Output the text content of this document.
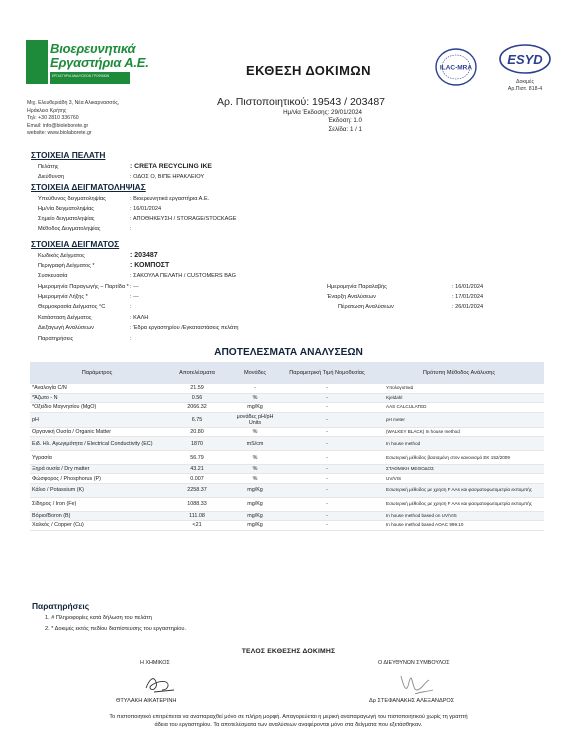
Βιοερευνητικά
Εργαστήρια Α.Ε.
ΕΡΓΑΣΤΗΡΙΑ ΑΝΑΛΥΣΕΩΝ ΤΡΟΦΙΜΩΝ
Μιχ. Ελευθεριάδη 3, Νέα Αλικαρνασσός,
Ηράκλειο Κρήτης
Τηλ: +30 2810 336760
Email: info@bioleborete.gr
website: www.biolaborete.gr
ΕΚΘΕΣΗ ΔΟΚΙΜΩΝ	ILAC-MRA
ESYD
Δοκιμές
Αρ.Πιστ. 818-4
Αρ. Πιστοποιητικού: 19543 / 203487
Ημ/νία Έκδοσης: 29/01/2024
Έκδοση: 1.0
Σελίδα: 1 / 1
ΣΤΟΙΧΕΙΑ ΠΕΛΑΤΗ
Πελάτης	: CRETA RECYCLING IKE
Διεύθυνση	: ΟΔΟΣ Ο, ΒΙΠΕ ΗΡΑΚΛΕΙΟΥ
ΣΤΟΙΧΕΙΑ ΔΕΙΓΜΑΤΟΛΗΨΙΑΣ
Υπεύθυνος δειγματοληψίας	: Βιοερευνητικά εργαστήρια Α.Ε.
Ημ/νία δειγματοληψίας	: 16/01/2024
Σημείο δειγματοληψίας	: ΑΠΟΘΗΚΕΥΣΗ / STORAGE/STOCKAGE
Μέθοδος Δειγματοληψίας	:
ΣΤΟΙΧΕΙΑ ΔΕΙΓΜΑΤΟΣ
Κωδικός Δείγματος	: 203487
Περιγραφή Δείγματος *	: ΚΟΜΠΟΣΤ
Συσκευασία	: ΣΑΚΟΥΛΑ ΠΕΛΑΤΗ / CUSTOMERS BAG
Ημερομηνία Παραγωγής – Παρτίδα * : ---
Ημερομηνία Λήξης *	: ---
Θερμοκρασία Δείγματος °C	:
Κατάσταση Δείγματος	: ΚΑΛΗ
Διεξαγωγή Αναλύσεων	: Έδρα εργαστηρίου /Εγκαταστάσεις πελάτη
Παρατηρήσεις	:
Ημερομηνία Παραλαβής	: 16/01/2024
Έναρξη Αναλύσεων	: 17/01/2024
Πέρατωση Αναλύσεων	: 26/01/2024
ΑΠΟΤΕΛΕΣΜΑΤΑ ΑΝΑΛΥΣΕΩΝ
Παράμετρος	Αποτελέσματα	Μονάδες	Παραμετρική Τιμή Νομοθεσίας	Πρότυπη Μέθοδος Ανάλυσης
*Αναλογία C/N	21.59	-	-	Υπολογιστικά
*Άζωτο - Ν	0.56	%	-	Kjeldahl
*Οξείδιο Μαγνησίου (MgO)	2066.32	mg/Kg	-	AAS CALCULATED
pH	6.75	μονάδες pH/pH Units	-	pH meter
Οργανική Ουσία / Organic Matter	20.80	%	-	(WALKEY BLACK) In house method
Ειδ. Ηλ. Αγωγιμότητα / Electrical Conductivity (EC)	1870	mS/cm	-	In house method
Υγρασία	56.79	%	-	Εσωτερική μέθοδος βασισμένη στον κανονισμό ΕΚ 152/2009
Ξηρά ουσία / Dry matter	43.21	%	-	ΣΤΑΘΜΙΚΗ ΜΕΘΟΔΟΣ
Φώσφορος / Phosphorus (P)	0.007	%	-	UV/VIS
Κάλιο / Potassium (K)	2258.37	mg/Kg	-	Εσωτερική μέθοδος με χρηση F AAs και φασματοφωτομετρία εκπομπής
Σίδηρος / Iron (Fe)	1088.33	mg/Kg	-	Εσωτερική μέθοδος με χρηση F AAs και φασματοφωτομετρία εκπομπής
Βόριο/Boron (B)	111.08	mg/Kg	-	In house method based on UV/VIS
Χαλκός / Copper (Cu)	<21	mg/Kg	-	In house method based AOAC 999.10
Παρατηρήσεις
1. # Πληροφορίες κατά δήλωση του πελάτη
2. * Δοκιμές εκτός πεδίου διαπίστευσης του εργαστηρίου.
ΤΕΛΟΣ ΕΚΘΕΣΗΣ ΔΟΚΙΜΗΣ
Η ΧΗΜΙΚΟΣ	Ο ΔΙΕΥΘΥΝΩΝ ΣΥΜΒΟΥΛΟΣ
ΘΤΥΛΑΚΗ ΑΙΚΑΤΕΡΙΝΗ	Δρ ΣΤΕΦΑΝΑΚΗΣ ΑΛΕΞΑΝΔΡΟΣ
Το πιστοποιητικό επιτρέπεται να αναπαραχθεί μόνο σε πλήρη μορφή. Απαγορεύεται η μερική αναπαραγωγή του πιστοποιητικού χωρίς τη γραπτή
άδεια του εργαστηρίου. Τα αποτελέσματα των αναλύσεων αναφέρονται μόνο στα δείγματα που εξετάσθηκαν.
